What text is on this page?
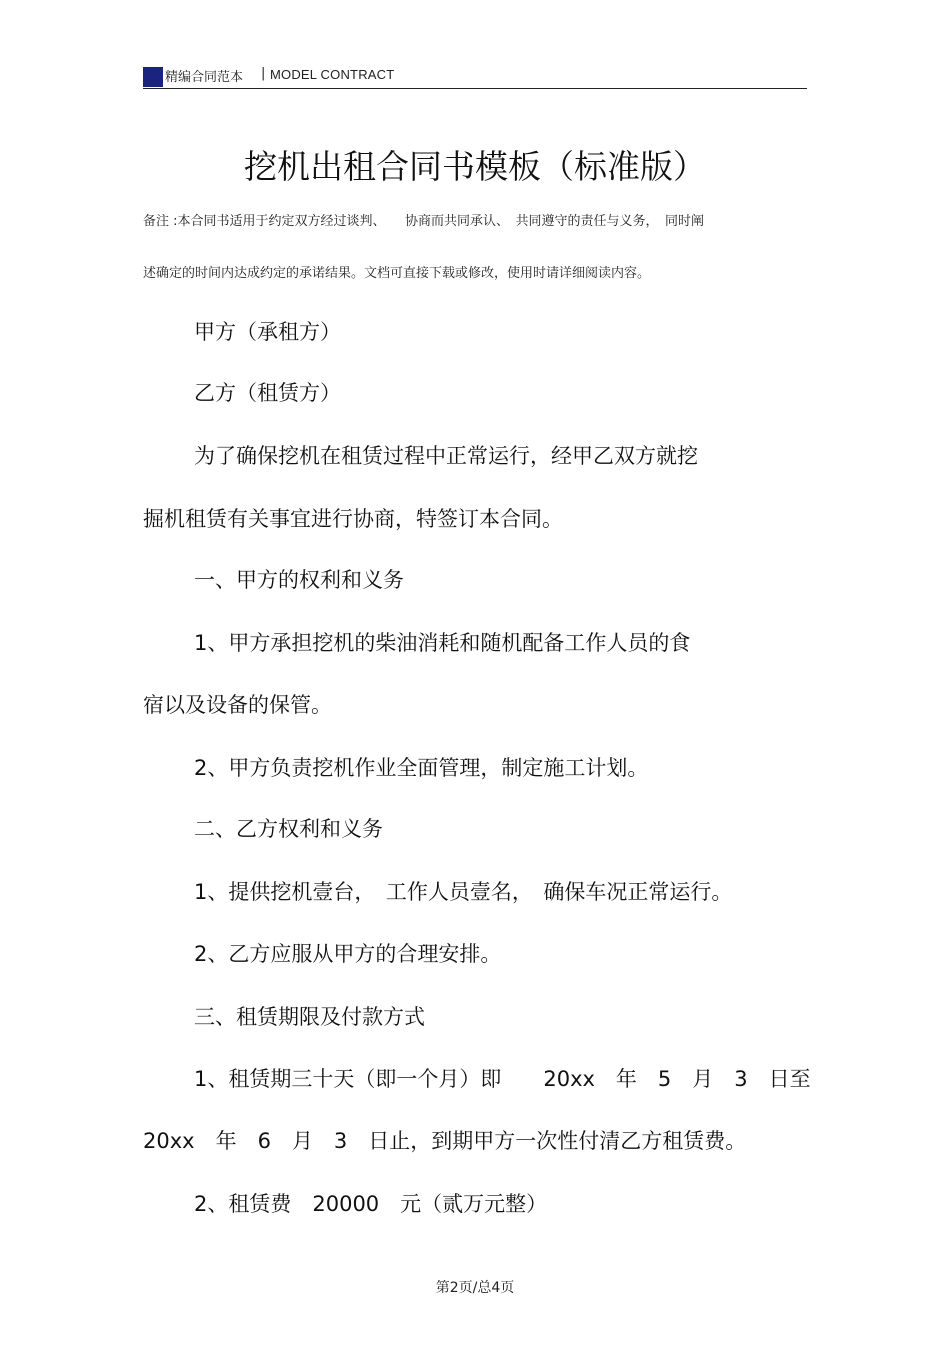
精编合同范本 | MODEL CONTRACT
挖机出租合同书模板（标准版）
备注 :本合同书适用于约定双方经过谈判、　　协商而共同承认、　共同遵守的责任与义务，　同时阐
述确定的时间内达成约定的承诺结果。文档可直接下载或修改，使用时请详细阅读内容。
甲方（承租方）
乙方（租赁方）
为了确保挖机在租赁过程中正常运行，经甲乙双方就挖
掘机租赁有关事宜进行协商，特签订本合同。
一、甲方的权利和义务
1、甲方承担挖机的柴油消耗和随机配备工作人员的食
宿以及设备的保管。
2、甲方负责挖机作业全面管理，制定施工计划。
二、乙方权利和义务
1、提供挖机壹台，　工作人员壹名，　确保车况正常运行。
2、乙方应服从甲方的合理安排。
三、租赁期限及付款方式
1、租赁期三十天（即一个月）即　　20xx　年　5　月　3　日至
20xx　年　6　月　3　日止，到期甲方一次性付清乙方租赁费。
2、租赁费　20000　元（贰万元整）
第2页/总4页
